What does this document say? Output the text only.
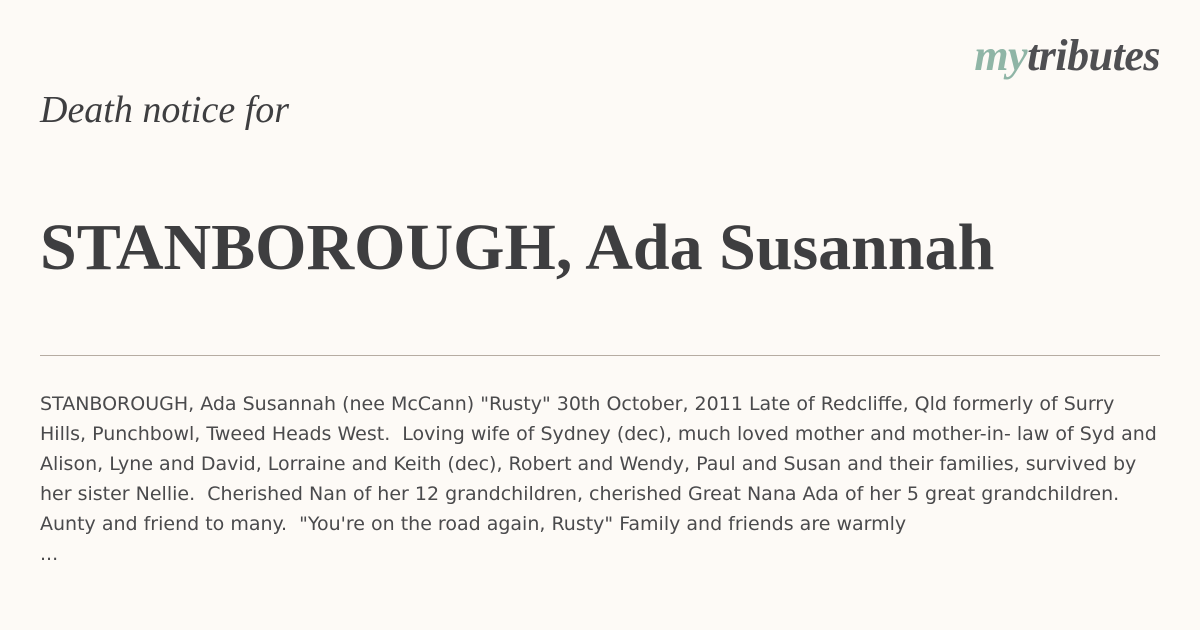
mytributes
Death notice for
STANBOROUGH, Ada Susannah
STANBOROUGH, Ada Susannah (nee McCann) "Rusty" 30th October, 2011 Late of Redcliffe, Qld formerly of Surry Hills, Punchbowl, Tweed Heads West.  Loving wife of Sydney (dec), much loved mother and mother-in- law of Syd and Alison, Lyne and David, Lorraine and Keith (dec), Robert and Wendy, Paul and Susan and their families, survived by her sister Nellie.  Cherished Nan of her 12 grandchildren, cherished Great Nana Ada of her 5 great grandchildren.  Aunty and friend to many.  "You're on the road again, Rusty" Family and friends are warmly
...
